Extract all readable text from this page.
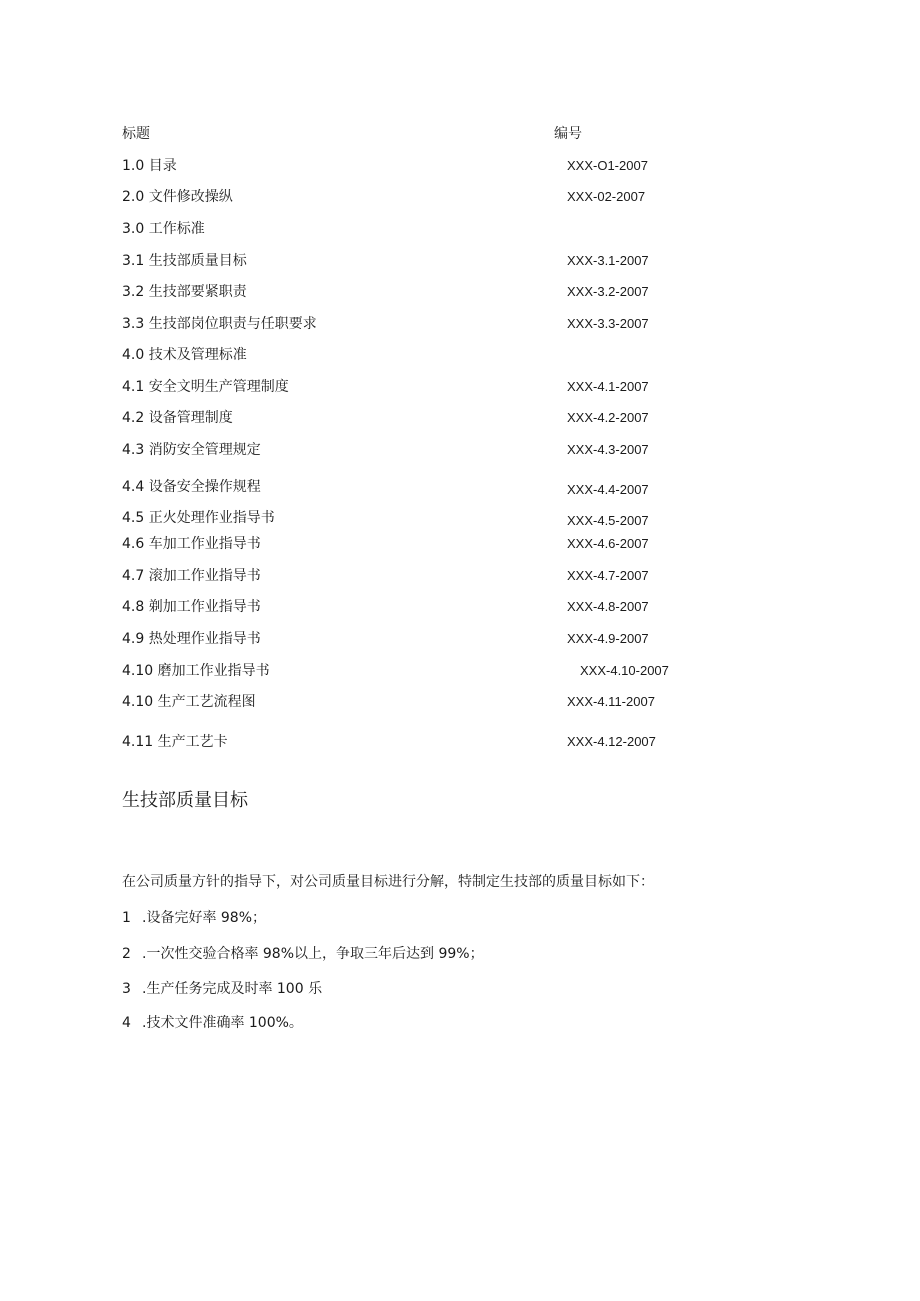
标题	编号
1.0 目录	XXX-O1-2007
2.0 文件修改操纵	XXX-02-2007
3.0 工作标准
3.1 生技部质量目标	XXX-3.1-2007
3.2 生技部要紧职责	XXX-3.2-2007
3.3 生技部岗位职责与任职要求	XXX-3.3-2007
4.0 技术及管理标准
4.1 安全文明生产管理制度	XXX-4.1-2007
4.2 设备管理制度	XXX-4.2-2007
4.3 消防安全管理规定	XXX-4.3-2007
4.4 设备安全操作规程	XXX-4.4-2007
4.5 正火处理作业指导书	XXX-4.5-2007
4.6 车加工作业指导书	XXX-4.6-2007
4.7 滚加工作业指导书	XXX-4.7-2007
4.8 剃加工作业指导书	XXX-4.8-2007
4.9 热处理作业指导书	XXX-4.9-2007
4.10 磨加工作业指导书	XXX-4.10-2007
4.10 生产工艺流程图	XXX-4.11-2007
4.11 生产工艺卡	XXX-4.12-2007
生技部质量目标
在公司质量方针的指导下，对公司质量目标进行分解，特制定生技部的质量目标如下：
1 .设备完好率 98%；
2 .一次性交验合格率 98%以上，争取三年后达到 99%；
3 .生产任务完成及时率 100 乐
4 .技术文件准确率 100%。
